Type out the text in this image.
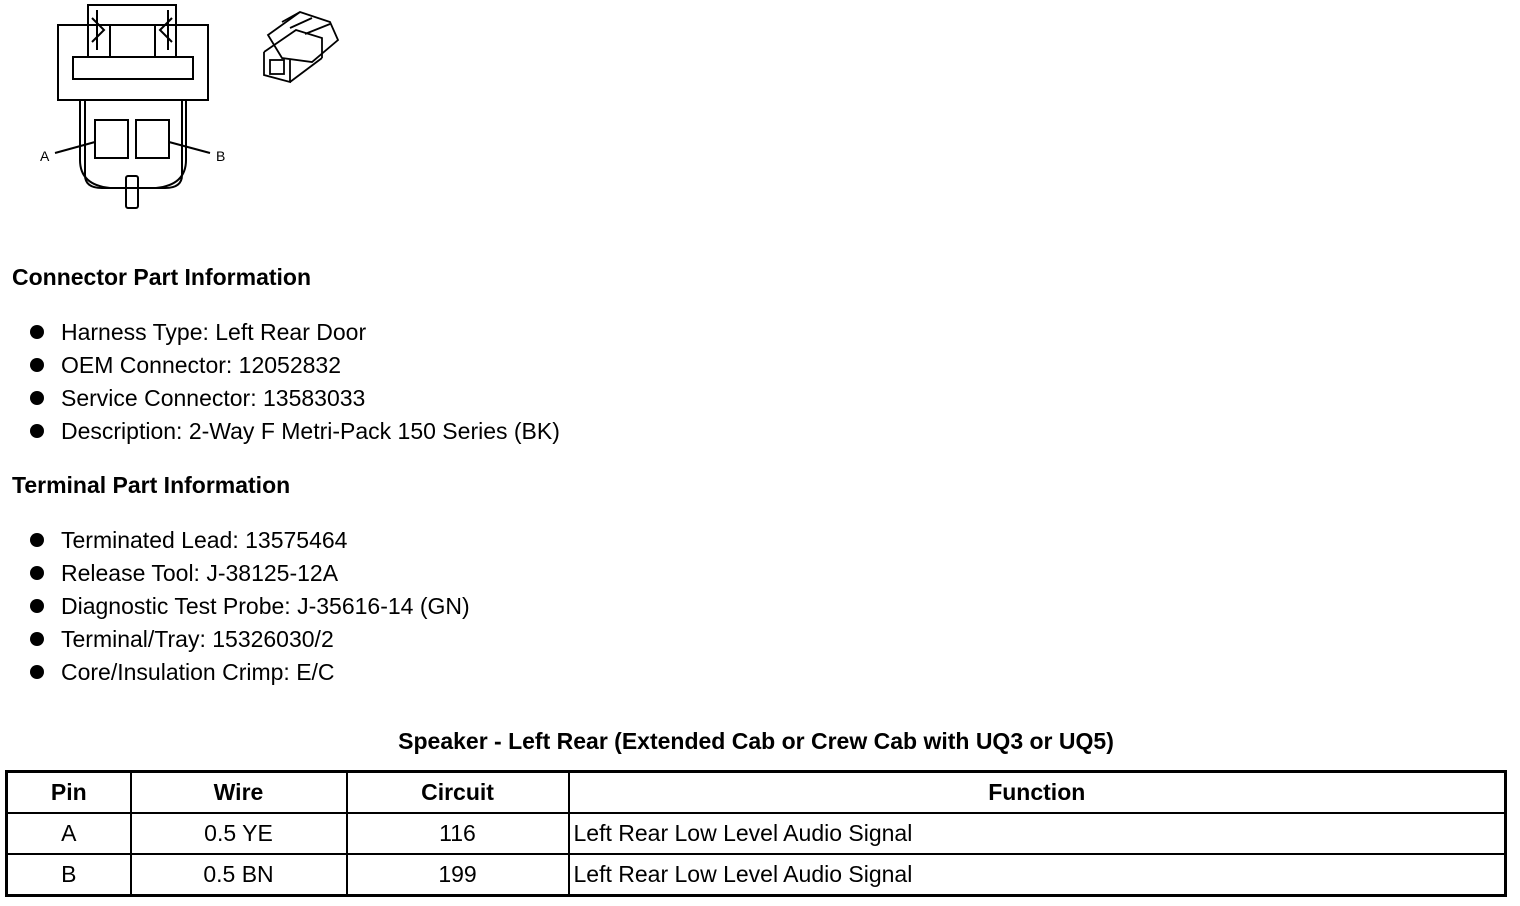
A	B
Connector Part Information
Harness Type: Left Rear Door
OEM Connector: 12052832
Service Connector: 13583033
Description: 2-Way F Metri-Pack 150 Series (BK)
Terminal Part Information
Terminated Lead: 13575464
Release Tool: J-38125-12A
Diagnostic Test Probe: J-35616-14 (GN)
Terminal/Tray: 15326030/2
Core/Insulation Crimp: E/C
Speaker - Left Rear (Extended Cab or Crew Cab with UQ3 or UQ5)
Pin	Wire	Circuit	Function
A	0.5 YE	116	Left Rear Low Level Audio Signal
B	0.5 BN	199	Left Rear Low Level Audio Signal
